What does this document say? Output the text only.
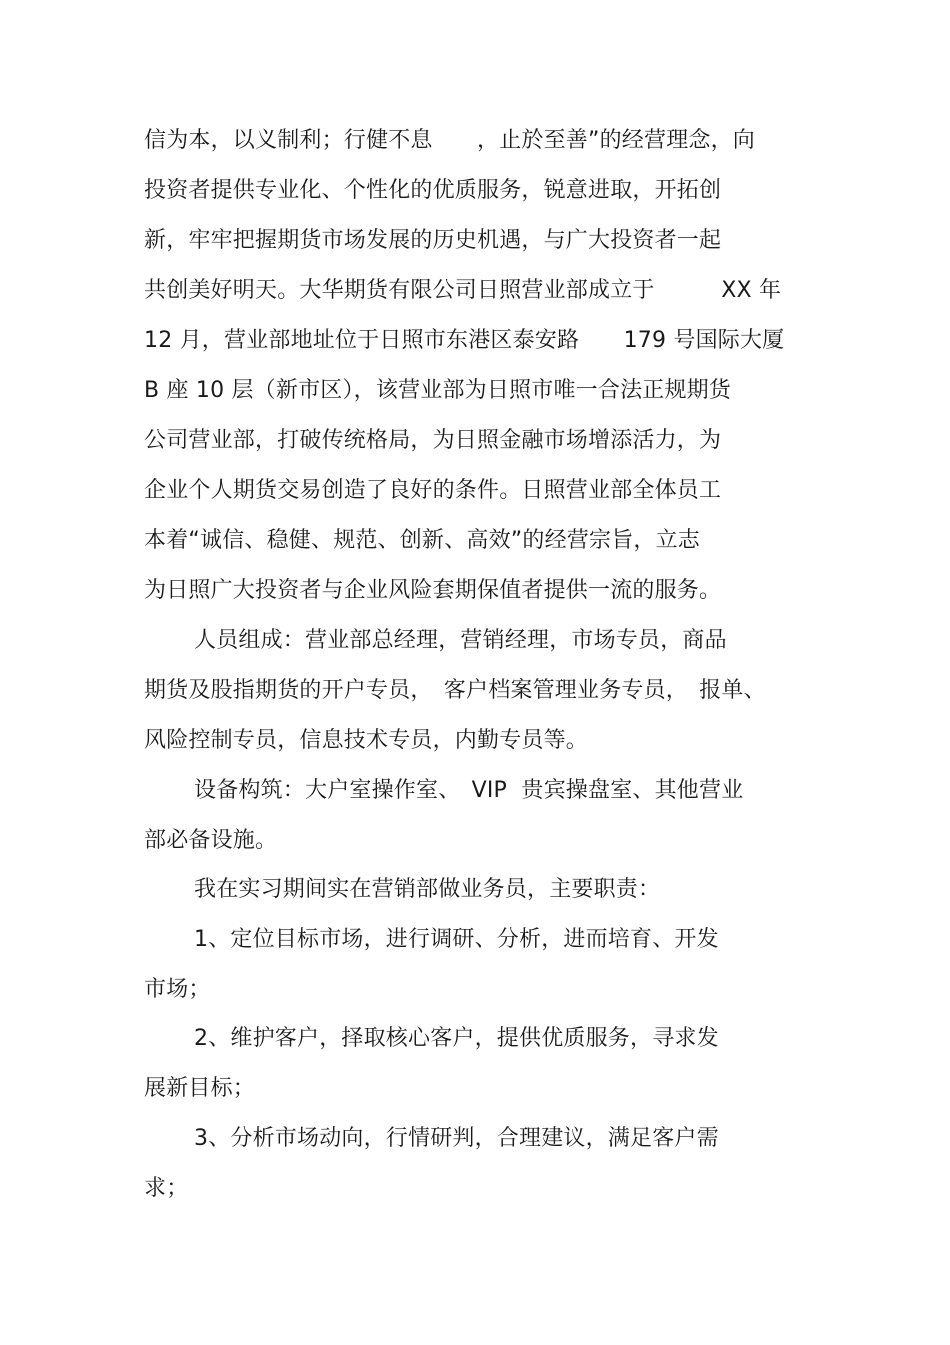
信为本，以义制利；行健不息　　，止於至善”的经营理念，向
投资者提供专业化、个性化的优质服务，锐意进取，开拓创
新，牢牢把握期货市场发展的历史机遇，与广大投资者一起
共创美好明天。大华期货有限公司日照营业部成立于　　　XX 年
12 月，营业部地址位于日照市东港区泰安路　　179 号国际大厦
B 座 10 层（新市区），该营业部为日照市唯一合法正规期货
公司营业部，打破传统格局，为日照金融市场增添活力，为
企业个人期货交易创造了良好的条件。日照营业部全体员工
本着“诚信、稳健、规范、创新、高效”的经营宗旨，立志
为日照广大投资者与企业风险套期保值者提供一流的服务。
人员组成：营业部总经理，营销经理，市场专员，商品
期货及股指期货的开户专员，　客户档案管理业务专员，　报单、
风险控制专员，信息技术专员，内勤专员等。
设备构筑：大户室操作室、　VIP  贵宾操盘室、其他营业
部必备设施。
我在实习期间实在营销部做业务员，主要职责：
1、定位目标市场，进行调研、分析，进而培育、开发
市场；
2、维护客户，择取核心客户，提供优质服务，寻求发
展新目标；
3、分析市场动向，行情研判，合理建议，满足客户需
求；
